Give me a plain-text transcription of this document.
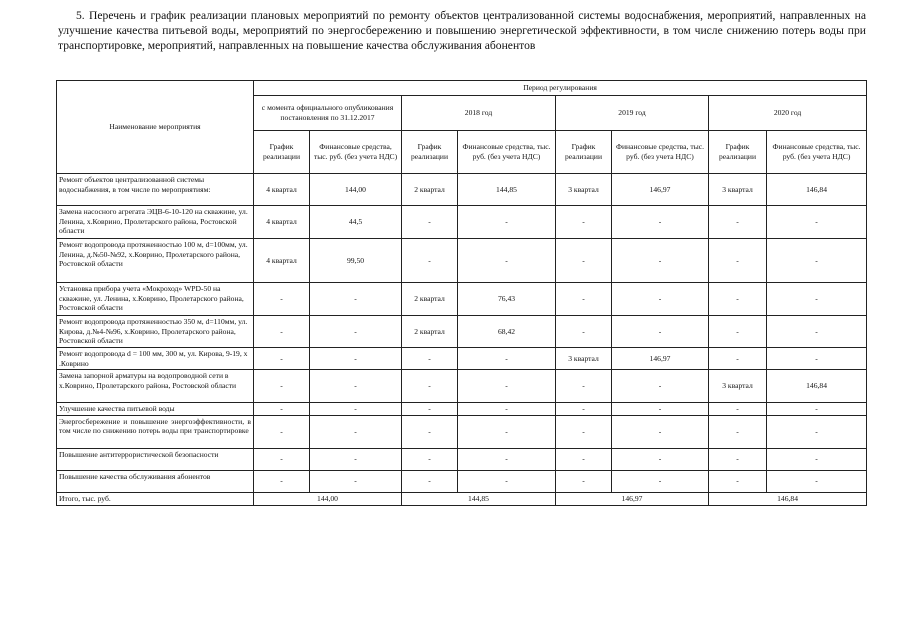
5. Перечень и график реализации плановых мероприятий по ремонту объектов централизованной системы водоснабжения, мероприятий, направленных на улучшение качества питьевой воды, мероприятий по энергосбережению и повышению энергетической эффективности, в том числе снижению потерь воды при транспортировке, мероприятий, направленных на повышение качества обслуживания абонентов
Наименование мероприятия	Период регулирования							
	с момента официального опубликования постановления по 31.12.2017		2018 год		2019 год		2020 год	
	График реализации	Финансовые средства, тыс. руб. (без учета НДС)	График реализации	Финансовые средства, тыс. руб. (без учета НДС)	График реализации	Финансовые средства, тыс. руб. (без учета НДС)	График реализации	Финансовые средства, тыс. руб. (без учета НДС)
Ремонт объектов централизованной системы водоснабжения, в том числе по мероприятиям:	4 квартал	144,00	2 квартал	144,85	3 квартал	146,97	3 квартал	146,84
Замена насосного агрегата ЭЦВ-6-10-120 на скважине, ул. Ленина, х.Коврино, Пролетарского района, Ростовской области	4 квартал	44,5	-	-	-	-	-	-
Ремонт водопровода протяженностью 100 м, d=100мм, ул. Ленина, д.№50-№92, х.Коврино, Пролетарского района, Ростовской области	4 квартал	99,50	-	-	-	-	-	-
Установка прибора учета «Мокроход» WPD-50 на скважине, ул. Ленина, х.Коврино, Пролетарского района, Ростовской области	-	-	2 квартал	76,43	-	-	-	-
Ремонт водопровода протяженностью 350 м, d=110мм, ул. Кирова, д.№4-№96, х.Коврино, Пролетарского района, Ростовской области	-	-	2 квартал	68,42	-	-	-	-
Ремонт водопровода d = 100 мм, 300 м, ул. Кирова, 9-19, х .Коврино	-	-	-	-	3 квартал	146,97	-	-
Замена запорной арматуры на водопроводной сети в х.Коврино, Пролетарского района, Ростовской области	-	-	-	-	-	-	3 квартал	146,84
Улучшение качества питьевой воды	-	-	-	-	-	-	-	-
Энергосбережение и повышение энергоэффективности, в том числе по снижению потерь воды при транспортировке	-	-	-	-	-	-	-	-
Повышение антитеррористической безопасности	-	-	-	-	-	-	-	-
Повышение качества обслуживания абонентов	-	-	-	-	-	-	-	-
Итого, тыс. руб.	144,00		144,85		146,97		146,84	
